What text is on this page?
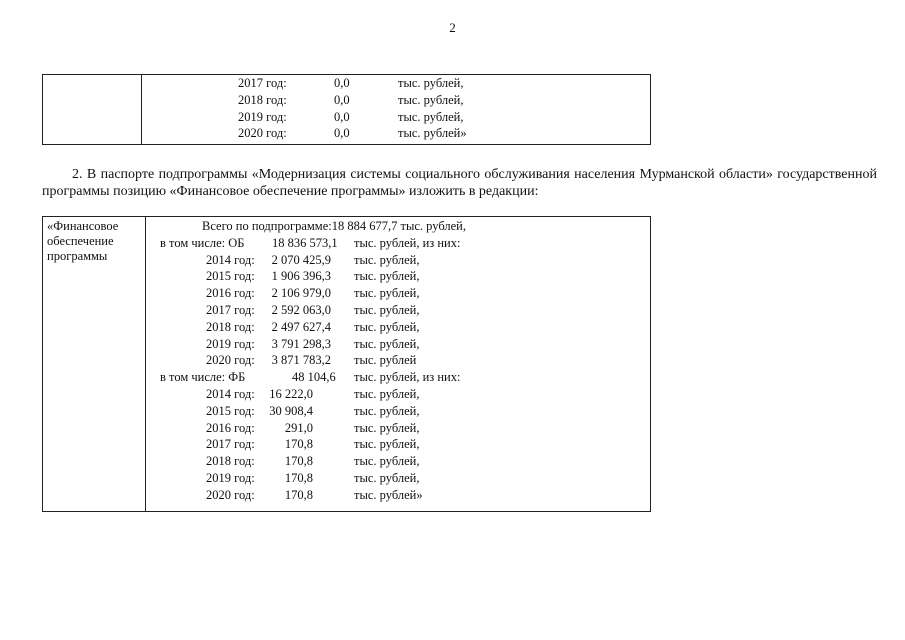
2

2017 год:	0,0	тыс. рублей,
2018 год:	0,0	тыс. рублей,
2019 год:	0,0	тыс. рублей,
2020 год:	0,0	тыс. рублей»
2. В паспорте подпрограммы «Модернизация системы социального обслуживания населения Мурманской области» государственной программы позицию «Финансовое обеспечение программы» изложить в редакции:
«Финансовое обеспечение программы	
Всего по подпрограмме:18 884 677,7 тыс. рублей,
в том числе: ОБ 18 836 573,1 тыс. рублей, из них:
2014 год: 2 070 425,9 тыс. рублей,
2015 год: 1 906 396,3 тыс. рублей,
2016 год: 2 106 979,0 тыс. рублей,
2017 год: 2 592 063,0 тыс. рублей,
2018 год: 2 497 627,4 тыс. рублей,
2019 год: 3 791 298,3 тыс. рублей,
2020 год: 3 871 783,2 тыс. рублей
в том числе: ФБ	48 104,6 тыс. рублей, из них:
2014 год: 16 222,0	тыс. рублей,
2015 год: 30 908,4	тыс. рублей,
2016 год: 291,0	тыс. рублей,
2017 год: 170,8	тыс. рублей,
2018 год: 170,8	тыс. рублей,
2019 год: 170,8	тыс. рублей,
2020 год: 170,8	тыс. рублей»
